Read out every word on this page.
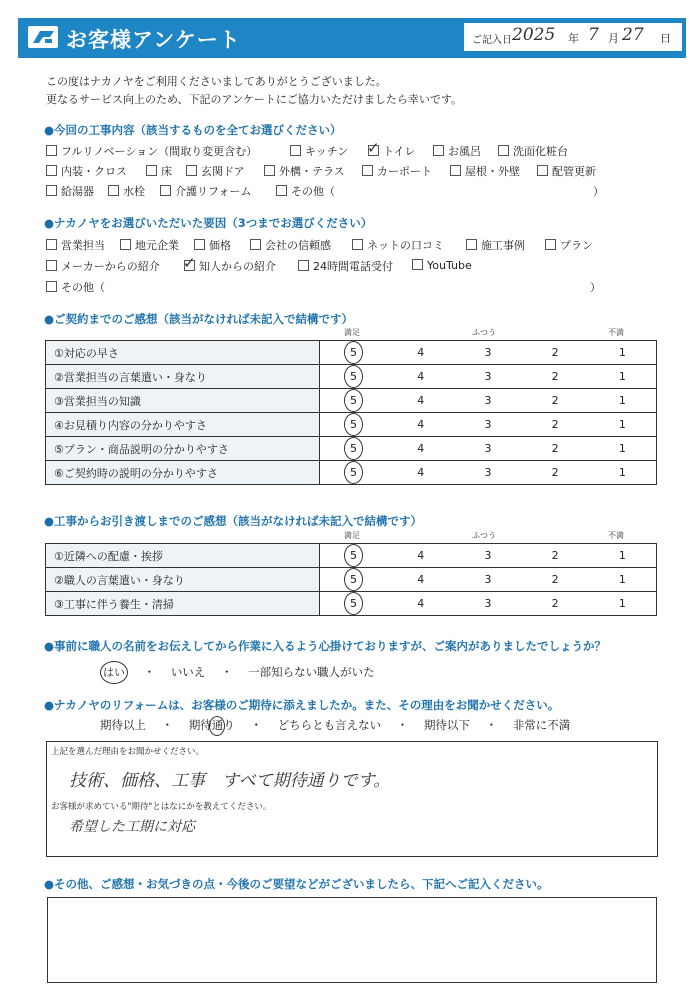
お客様アンケート	ご記入日 2025 年 7 月 27 日
この度はナカノヤをご利用くださいましてありがとうございました。
更なるサービス向上のため、下記のアンケートにご協力いただけましたら幸いです。
●今回の工事内容（該当するものを全てお選びください）
フルリノベーション（間取り変更含む）	キッチン ✓ トイレ	お風呂	洗面化粧台
内装・クロス	床	玄関ドア	外構・テラス	カーポート	屋根・外壁	配管更新
給湯器	水栓	介護リフォーム	その他（	）
●ナカノヤをお選びいただいた要因（3つまでお選びください）
営業担当	地元企業	価格	会社の信頼感	ネットの口コミ	施工事例	プラン
メーカーからの紹介 ✓ 知人からの紹介	24時間電話受付	YouTube
その他（	）
●ご契約までのご感想（該当がなければ未記入で結構です）
満足	ふつう	不満
①対応の早さ	5	4	3	2	1
②営業担当の言葉遣い・身なり	5	4	3	2	1
③営業担当の知識	5	4	3	2	1
④お見積り内容の分かりやすさ	5	4	3	2	1
⑤プラン・商品説明の分かりやすさ	5	4	3	2	1
⑥ご契約時の説明の分かりやすさ	5	4	3	2	1
●工事からお引き渡しまでのご感想（該当がなければ未記入で結構です）
満足	ふつう	不満
①近隣への配慮・挨拶	5	4	3	2	1
②職人の言葉遣い・身なり	5	4	3	2	1
③工事に伴う養生・清掃	5	4	3	2	1
●事前に職人の名前をお伝えしてから作業に入るよう心掛けておりますが、ご案内がありましたでしょうか？
はい ・ いいえ ・ 一部知らない職人がいた
●ナカノヤのリフォームは、お客様のご期待に添えましたか。また、その理由をお聞かせください。
期待以上 ・ 期待通り ・ どちらとも言えない ・ 期待以下 ・ 非常に不満
上記を選んだ理由をお聞かせください。
技術、価格、工事　すべて期待通りです。
お客様が求めている"期待"とはなにかを教えてください。
希望した工期に対応
●その他、ご感想・お気づきの点・今後のご要望などがございましたら、下記へご記入ください。
